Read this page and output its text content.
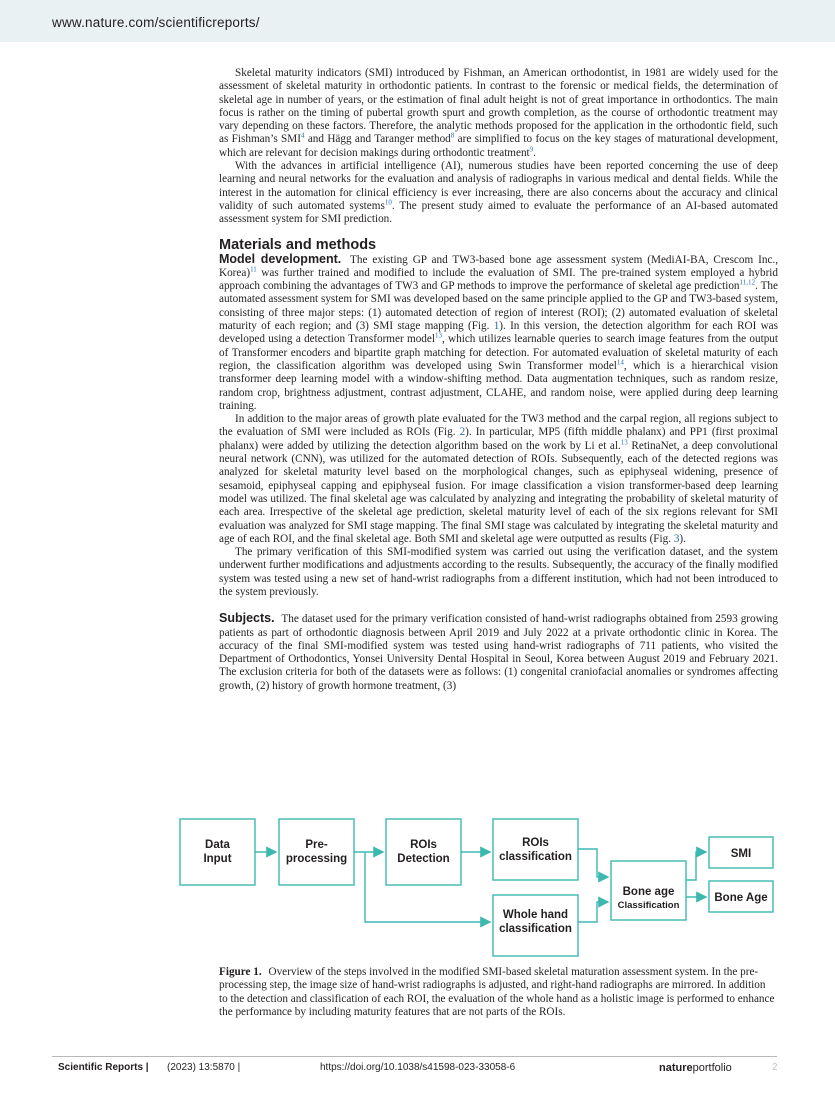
www.nature.com/scientificreports/

Skeletal maturity indicators (SMI) introduced by Fishman, an American orthodontist, in 1981 are widely used for the assessment of skeletal maturity in orthodontic patients. In contrast to the forensic or medical fields, the determination of skeletal age in number of years, or the estimation of final adult height is not of great importance in orthodontics. The main focus is rather on the timing of pubertal growth spurt and growth completion, as the course of orthodontic treatment may vary depending on these factors. Therefore, the analytic methods proposed for the application in the orthodontic field, such as Fishman’s SMI$^4$ and Hägg and Taranger method$^8$ are simplified to focus on the key stages of maturational development, which are relevant for decision makings during orthodontic treatment$^9$.

With the advances in artificial intelligence (AI), numerous studies have been reported concerning the use of deep learning and neural networks for the evaluation and analysis of radiographs in various medical and dental fields. While the interest in the automation for clinical efficiency is ever increasing, there are also concerns about the accuracy and clinical validity of such automated systems$^{10}$. The present study aimed to evaluate the performance of an AI-based automated assessment system for SMI prediction.

Materials and methods

Model development. The existing GP and TW3-based bone age assessment system (MediAI-BA, Crescom Inc., Korea)$^{11}$ was further trained and modified to include the evaluation of SMI. The pre-trained system employed a hybrid approach combining the advantages of TW3 and GP methods to improve the performance of skeletal age prediction$^{11,12}$. The automated assessment system for SMI was developed based on the same principle applied to the GP and TW3-based system, consisting of three major steps: (1) automated detection of region of interest (ROI); (2) automated evaluation of skeletal maturity of each region; and (3) SMI stage mapping (Fig. 1). In this version, the detection algorithm for each ROI was developed using a detection Transformer model$^{13}$, which utilizes learnable queries to search image features from the output of Transformer encoders and bipartite graph matching for detection. For automated evaluation of skeletal maturity of each region, the classification algorithm was developed using Swin Transformer model$^{14}$, which is a hierarchical vision transformer deep learning model with a window-shifting method. Data augmentation techniques, such as random resize, random crop, brightness adjustment, contrast adjustment, CLAHE, and random noise, were applied during deep learning training.

In addition to the major areas of growth plate evaluated for the TW3 method and the carpal region, all regions subject to the evaluation of SMI were included as ROIs (Fig. 2). In particular, MP5 (fifth middle phalanx) and PP1 (first proximal phalanx) were added by utilizing the detection algorithm based on the work by Li et al.$^{13}$ RetinaNet, a deep convolutional neural network (CNN), was utilized for the automated detection of ROIs. Subsequently, each of the detected regions was analyzed for skeletal maturity level based on the morphological changes, such as epiphyseal widening, presence of sesamoid, epiphyseal capping and epiphyseal fusion. For image classification a vision transformer-based deep learning model was utilized. The final skeletal age was calculated by analyzing and integrating the probability of skeletal maturity of each area. Irrespective of the skeletal age prediction, skeletal maturity level of each of the six regions relevant for SMI evaluation was analyzed for SMI stage mapping. The final SMI stage was calculated by integrating the skeletal maturity and age of each ROI, and the final skeletal age. Both SMI and skeletal age were outputted as results (Fig. 3).

The primary verification of this SMI-modified system was carried out using the verification dataset, and the system underwent further modifications and adjustments according to the results. Subsequently, the accuracy of the finally modified system was tested using a new set of hand-wrist radiographs from a different institution, which had not been introduced to the system previously.

Subjects. The dataset used for the primary verification consisted of hand-wrist radiographs obtained from 2593 growing patients as part of orthodontic diagnosis between April 2019 and July 2022 at a private orthodontic clinic in Korea. The accuracy of the final SMI-modified system was tested using hand-wrist radiographs of 711 patients, who visited the Department of Orthodontics, Yonsei University Dental Hospital in Seoul, Korea between August 2019 and February 2021. The exclusion criteria for both of the datasets were as follows: (1) congenital craniofacial anomalies or syndromes affecting growth, (2) history of growth hormone treatment, (3)

Data
Input
Pre-
processing
ROIs
Detection
ROIs
classification
Whole hand
classification
Bone age
Classification
SMI
Bone Age
Figure 1. Overview of the steps involved in the modified SMI-based skeletal maturation assessment system. In the pre-processing step, the image size of hand-wrist radiographs is adjusted, and right-hand radiographs are mirrored. In addition to the detection and classification of each ROI, the evaluation of the whole hand as a holistic image is performed to enhance the performance by including maturity features that are not parts of the ROIs.
Scientific Reports | (2023) 13:5870 |	https://doi.org/10.1038/s41598-023-33058-6	natureportfolio	2
